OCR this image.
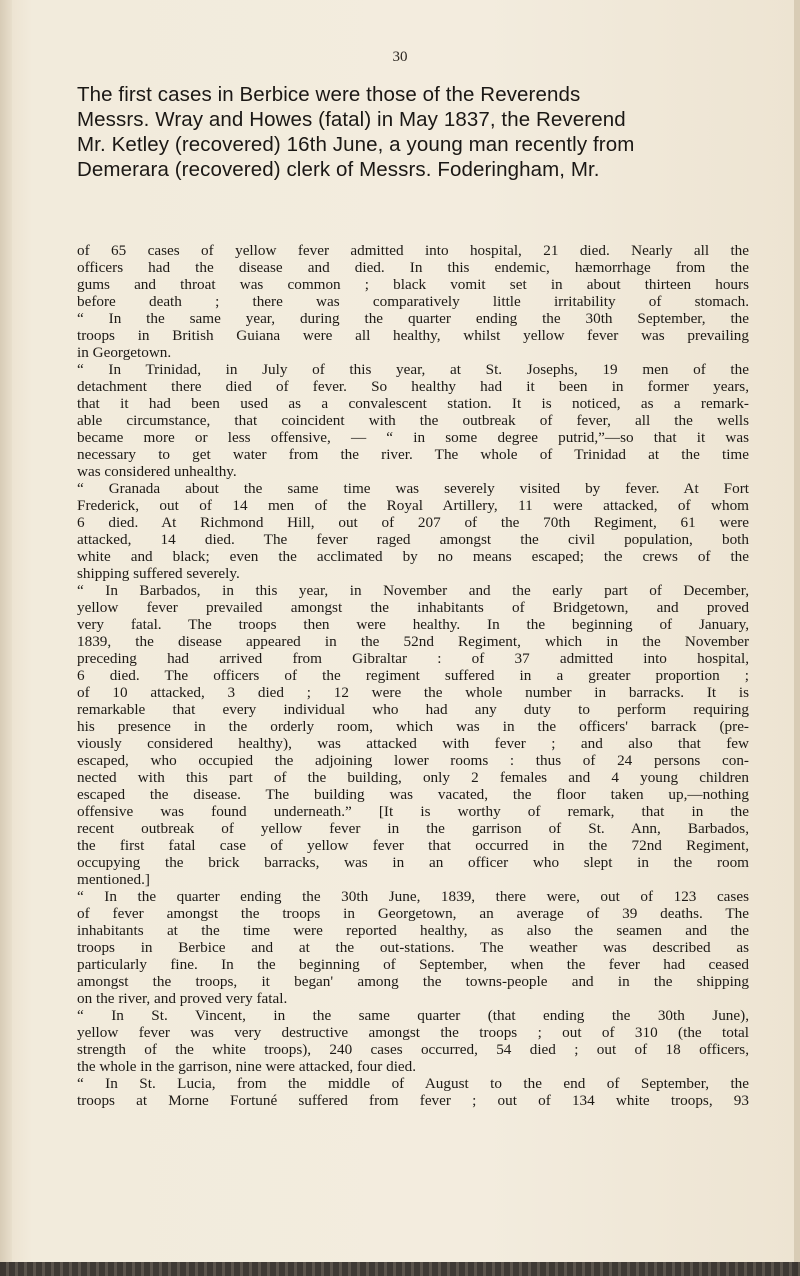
30
The first cases in Berbice were those of the Reverends
Messrs. Wray and Howes (fatal) in May 1837, the Reverend
Mr. Ketley (recovered) 16th June, a young man recently from
Demerara (recovered) clerk of Messrs. Foderingham, Mr.
of 65 cases of yellow fever admitted into hospital, 21 died. Nearly all the
officers had the disease and died. In this endemic, hæmorrhage from the
gums and throat was common ; black vomit set in about thirteen hours
before death ; there was comparatively little irritability of stomach.
“ In the same year, during the quarter ending the 30th September, the
troops in British Guiana were all healthy, whilst yellow fever was prevailing
in Georgetown.
“ In Trinidad, in July of this year, at St. Josephs, 19 men of the
detachment there died of fever. So healthy had it been in former years,
that it had been used as a convalescent station. It is noticed, as a remark-
able circumstance, that coincident with the outbreak of fever, all the wells
became more or less offensive, — “ in some degree putrid,”—so that it was
necessary to get water from the river. The whole of Trinidad at the time
was considered unhealthy.
“ Granada about the same time was severely visited by fever. At Fort
Frederick, out of 14 men of the Royal Artillery, 11 were attacked, of whom
6 died. At Richmond Hill, out of 207 of the 70th Regiment, 61 were
attacked, 14 died. The fever raged amongst the civil population, both
white and black; even the acclimated by no means escaped; the crews of the
shipping suffered severely.
“ In Barbados, in this year, in November and the early part of December,
yellow fever prevailed amongst the inhabitants of Bridgetown, and proved
very fatal. The troops then were healthy. In the beginning of January,
1839, the disease appeared in the 52nd Regiment, which in the November
preceding had arrived from Gibraltar : of 37 admitted into hospital,
6 died. The officers of the regiment suffered in a greater proportion ;
of 10 attacked, 3 died ; 12 were the whole number in barracks. It is
remarkable that every individual who had any duty to perform requiring
his presence in the orderly room, which was in the officers' barrack (pre-
viously considered healthy), was attacked with fever ; and also that few
escaped, who occupied the adjoining lower rooms : thus of 24 persons con-
nected with this part of the building, only 2 females and 4 young children
escaped the disease. The building was vacated, the floor taken up,—nothing
offensive was found underneath.” [It is worthy of remark, that in the
recent outbreak of yellow fever in the garrison of St. Ann, Barbados,
the first fatal case of yellow fever that occurred in the 72nd Regiment,
occupying the brick barracks, was in an officer who slept in the room
mentioned.]
“ In the quarter ending the 30th June, 1839, there were, out of 123 cases
of fever amongst the troops in Georgetown, an average of 39 deaths. The
inhabitants at the time were reported healthy, as also the seamen and the
troops in Berbice and at the out-stations. The weather was described as
particularly fine. In the beginning of September, when the fever had ceased
amongst the troops, it began' among the towns-people and in the shipping
on the river, and proved very fatal.
“ In St. Vincent, in the same quarter (that ending the 30th June),
yellow fever was very destructive amongst the troops ; out of 310 (the total
strength of the white troops), 240 cases occurred, 54 died ; out of 18 officers,
the whole in the garrison, nine were attacked, four died.
“ In St. Lucia, from the middle of August to the end of September, the
troops at Morne Fortuné suffered from fever ; out of 134 white troops, 93
